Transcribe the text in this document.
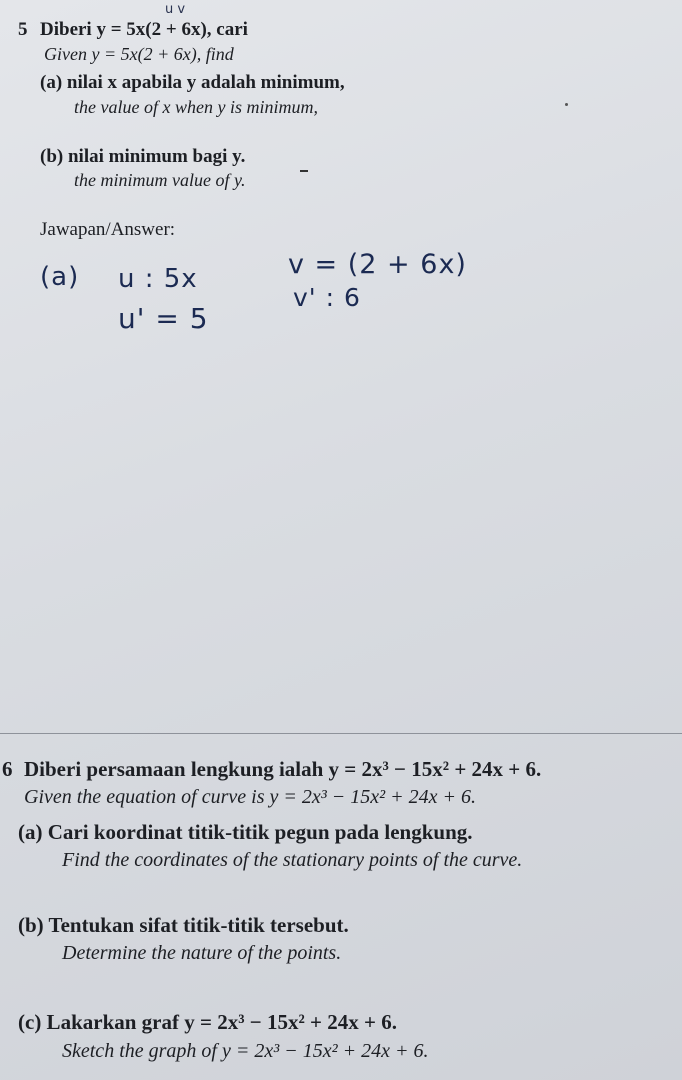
u v
5 Diberi y = 5x(2 + 6x), cari
Given y = 5x(2 + 6x), find
(a) nilai x apabila y adalah minimum,
the value of x when y is minimum,
(b) nilai minimum bagi y.
the minimum value of y.
Jawapan/Answer:
(a) u : 5x
u' = 5
v = (2 + 6x)
v' : 6
6 Diberi persamaan lengkung ialah y = 2x³ − 15x² + 24x + 6.
Given the equation of curve is y = 2x³ − 15x² + 24x + 6.
(a) Cari koordinat titik-titik pegun pada lengkung.
Find the coordinates of the stationary points of the curve.
(b) Tentukan sifat titik-titik tersebut.
Determine the nature of the points.
(c) Lakarkan graf y = 2x³ − 15x² + 24x + 6.
Sketch the graph of y = 2x³ − 15x² + 24x + 6.
